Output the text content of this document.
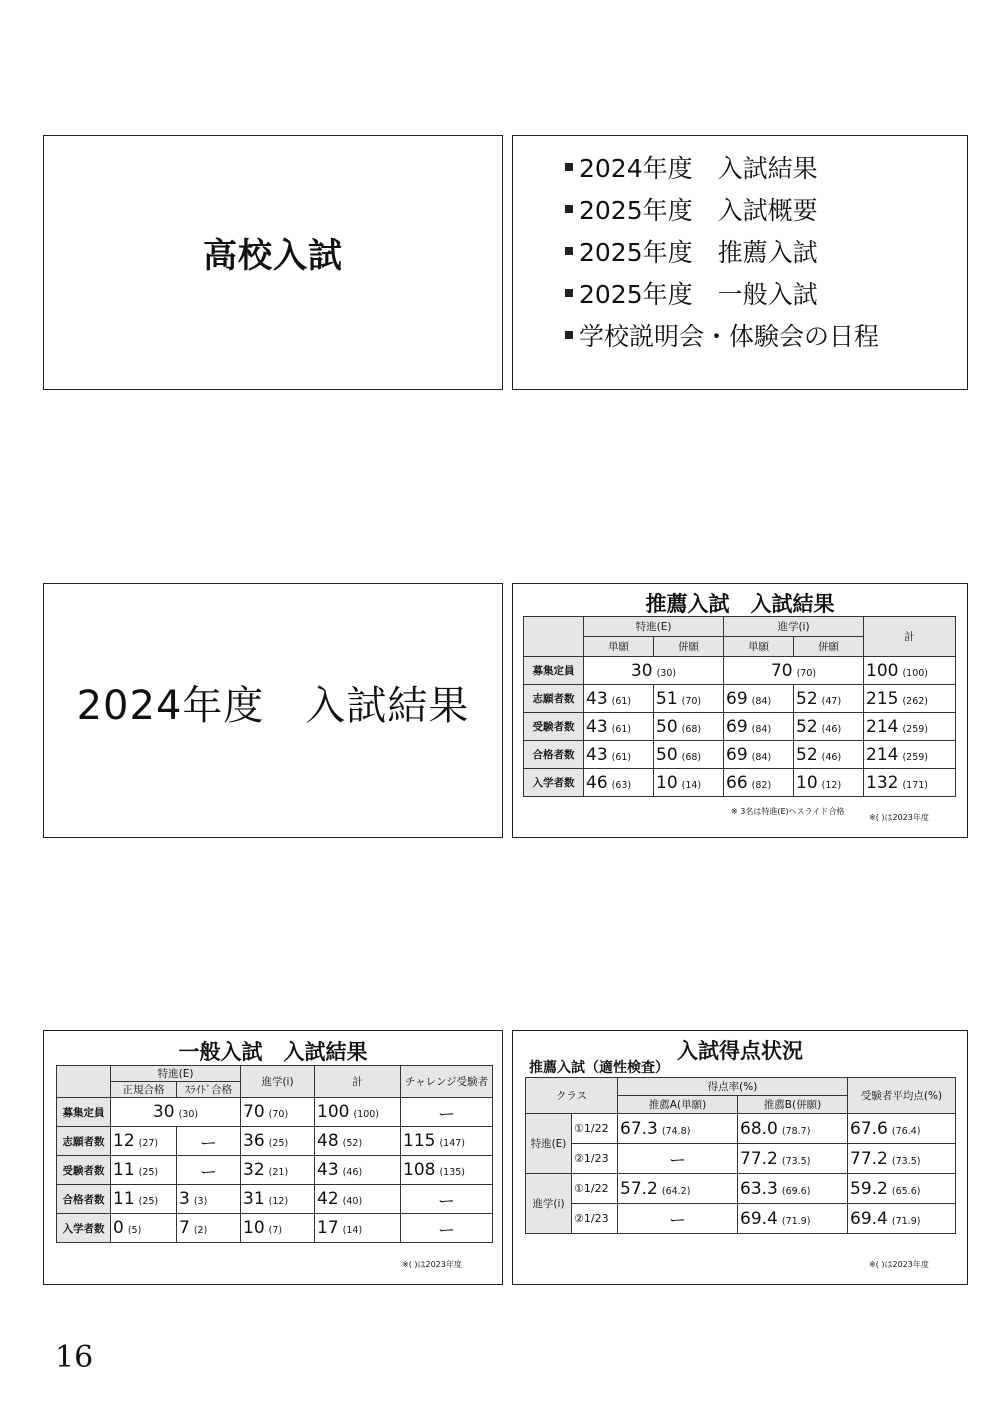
高校入試
2024年度　入試結果
2025年度　入試概要
2025年度　推薦入試
2025年度　一般入試
学校説明会・体験会の日程
2024年度　入試結果
推薦入試　入試結果
	特進(E)		進学(i)		計
	単願	併願	単願	併願	
募集定員	30 (30)		70 (70)		100 (100)
志願者数	43 (61)	51 (70)	69 (84)	52 (47)	215 (262)
受験者数	43 (61)	50 (68)	69 (84)	52 (46)	214 (259)
合格者数	43 (61)	50 (68)	69 (84)	52 (46)	214 (259)
入学者数	46 (63)	10 (14)	66 (82)	10 (12)	132 (171)
※ 3名は特進(E)へスライド合格
※( )は2023年度
一般入試　入試結果
	特進(E)		進学(i)	計	チャレンジ受験者
	正規合格	ｽﾗｲﾄﾞ合格			
募集定員	30 (30)		70 (70)	100 (100)	ー
志願者数	12 (27)	ー	36 (25)	48 (52)	115 (147)
受験者数	11 (25)	ー	32 (21)	43 (46)	108 (135)
合格者数	11 (25)	3 (3)	31 (12)	42 (40)	ー
入学者数	0 (5)	7 (2)	10 (7)	17 (14)	ー
※( )は2023年度
入試得点状況
推薦入試（適性検査）
クラス		得点率(%)		受験者平均点(%)
		推薦A(単願)	推薦B(併願)	
特進(E)	①1/22	67.3 (74.8)	68.0 (78.7)	67.6 (76.4)
	②1/23	ー	77.2 (73.5)	77.2 (73.5)
進学(i)	①1/22	57.2 (64.2)	63.3 (69.6)	59.2 (65.6)
	②1/23	ー	69.4 (71.9)	69.4 (71.9)
※( )は2023年度
16
